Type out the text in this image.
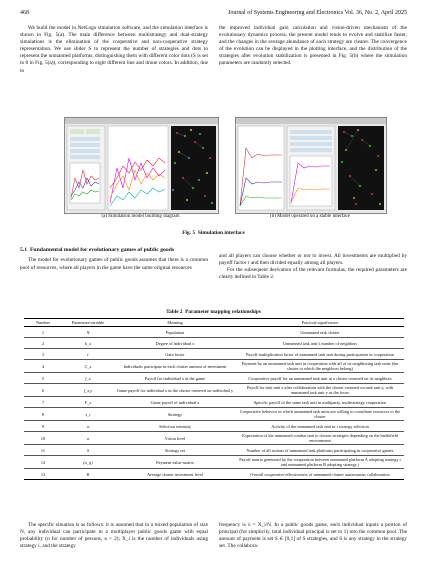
468	Journal of Systems Engineering and Electronics Vol. 36, No. 2, April 2025

We build the model in NetLogo simulation software, and the simulation interface is shown in Fig. 5(a). The main difference between multistrategy and dual-strategy simulations is the elimination of the cooperative and non-cooperative strategy representation. We use slider S to represent the number of strategies and dots to represent the unmanned platforms, distinguishing them with different color dots (S is set to 8 in Fig. 5(a)), corresponding to eight different line and drone colors. In addition, due to

the improved individual gain calculation and vision-driven mechanism of the evolutionary dynamics process, the present model tends to evolve and stabilize faster, and the changes in the average abundance of each strategy are clearer. The convergence of the evolution can be displayed in the plotting interface, and the distribution of the strategies after evolution stabilization is presented in Fig. 5(b) where the simulation parameters are randomly selected.

(a) Simulation model building diagram	(b) Model operated on a stable interface
Fig. 5 Simulation interface
5.1 Fundamental model for evolutionary games of public goods

The model for evolutionary games of public goods assumes that there is a common pool of resources, where all players in the game have the same original resources

and all players can choose whether or not to invest. All investments are multiplied by payoff factor r and then divided equally among all players.

For the subsequent derivation of the relevant formulas, the required parameters are clearly defined in Table 2.

Table 2 Parameter mapping relationships
Number	Parameter/variable	Meaning	Practical significance
1	N	Population	Unmanned task cluster
2	k_x	Degree of individual x	Unmanned task unit’s number of neighbors
3	r	Gain factor	Payoff multiplication factor of unmanned task unit during participation in cooperation
4	C_x	Individuals participate in each cluster amount of investment	Payment by an unmanned task unit in cooperation with all of its neighboring task units (the cluster to which the neighbors belong)
5	f_x	Payoff for individual x in the game	Cooperative payoff for an unmanned task unit in a cluster centered on its neighbors
6	f_x,y	Game payoff for individual x in the cluster centered on individual y	Payoff for task unit x after collaboration with the cluster centered on task unit y, with unmanned task unit y as the focus
7	F_x	Game payoff of individual x	Specific payoff of the same task unit in multiparty, multistrategy cooperation
8	s_i	Strategy	Cooperative behavior in which unmanned task units are willing to contribute resources to the cluster
9	w	Selection intensity	Activity of the unmanned task unit in i strategy selection
10	α	Vision level	Expectation of the unmanned combat unit to choose strategies depending on the battlefield environment
11	S	Strategy set	Number of all actions of unmanned task platforms participating in cooperative games
12	(a_ij)	Payment value matrix	Payoff matrix generated by the cooperation between unmanned platform A adopting strategy i and unmanned platform B adopting strategy j
13	R	Average cluster investment level	Overall cooperative effectiveness of unmanned cluster autonomous collaboration

The specific situation is as follows: it is assumed that in a mixed population of size N, any individual can participate in a multiplayer public goods game with equal probability (n for number of persons, n > 2); X_i is the number of individuals using strategy i, and the strategy

frequency is x = X_i/N. In a public goods game, each individual inputs a portion of principal (for simplicity, total individual principal is set to 1) into the common pool. The amount of payment is set S ∈ [0,1] of S strategies, and S is any strategy in the strategy set. The collabora-
